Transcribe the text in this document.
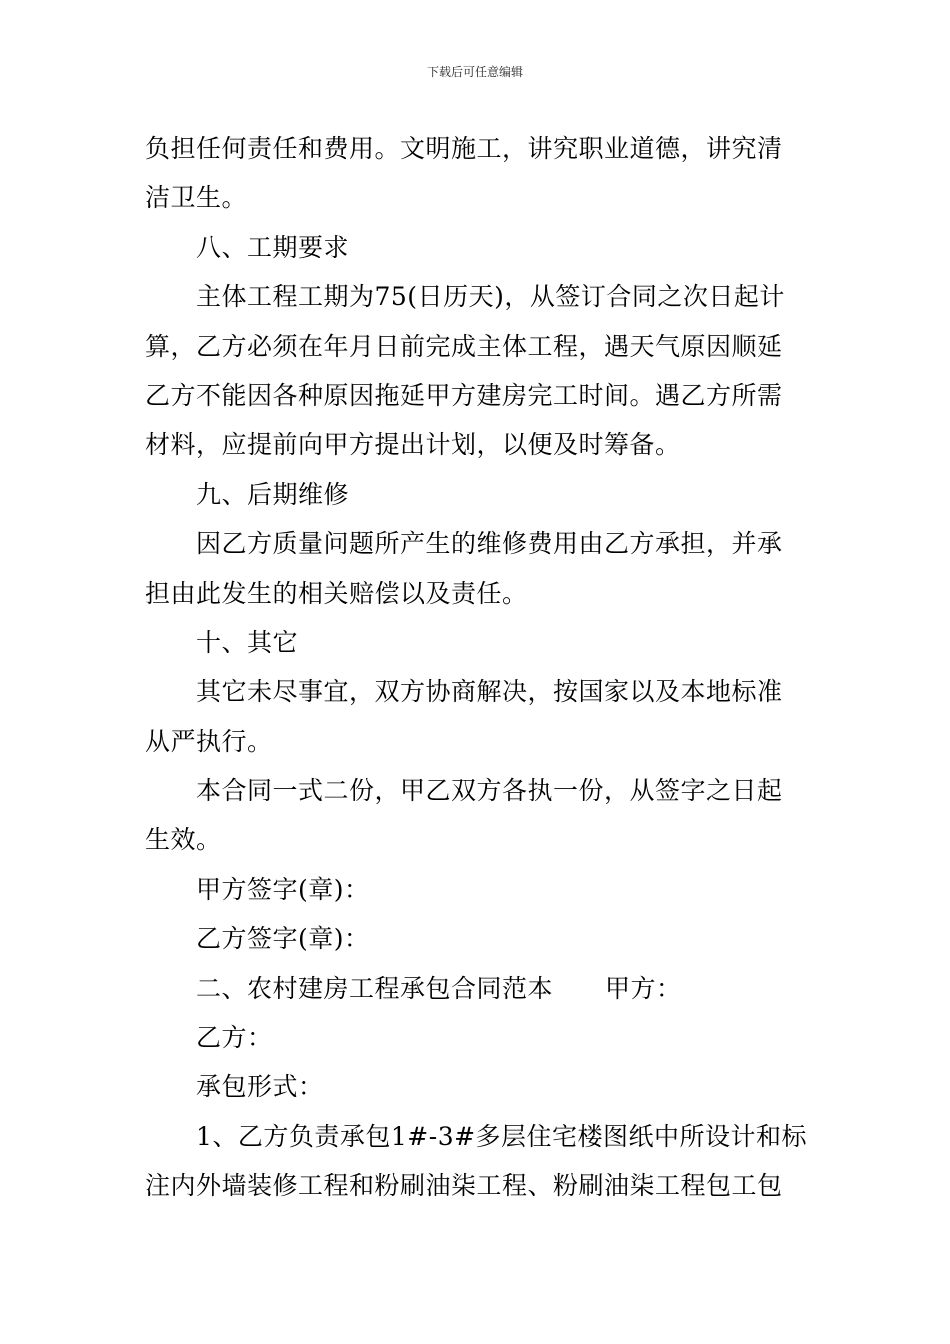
下载后可任意编辑
负担任何责任和费用。文明施工，讲究职业道德，讲究清
洁卫生。
八、工期要求
主体工程工期为75(日历天)，从签订合同之次日起计
算，乙方必须在年月日前完成主体工程，遇天气原因顺延
乙方不能因各种原因拖延甲方建房完工时间。遇乙方所需
材料，应提前向甲方提出计划，以便及时筹备。
九、后期维修
因乙方质量问题所产生的维修费用由乙方承担，并承
担由此发生的相关赔偿以及责任。
十、其它
其它未尽事宜，双方协商解决，按国家以及本地标准
从严执行。
本合同一式二份，甲乙双方各执一份，从签字之日起
生效。
甲方签字(章)：
乙方签字(章)：
二、农村建房工程承包合同范本 甲方：
乙方：
承包形式：
1、乙方负责承包1#-3#多层住宅楼图纸中所设计和标
注内外墙装修工程和粉刷油柒工程、粉刷油柒工程包工包
